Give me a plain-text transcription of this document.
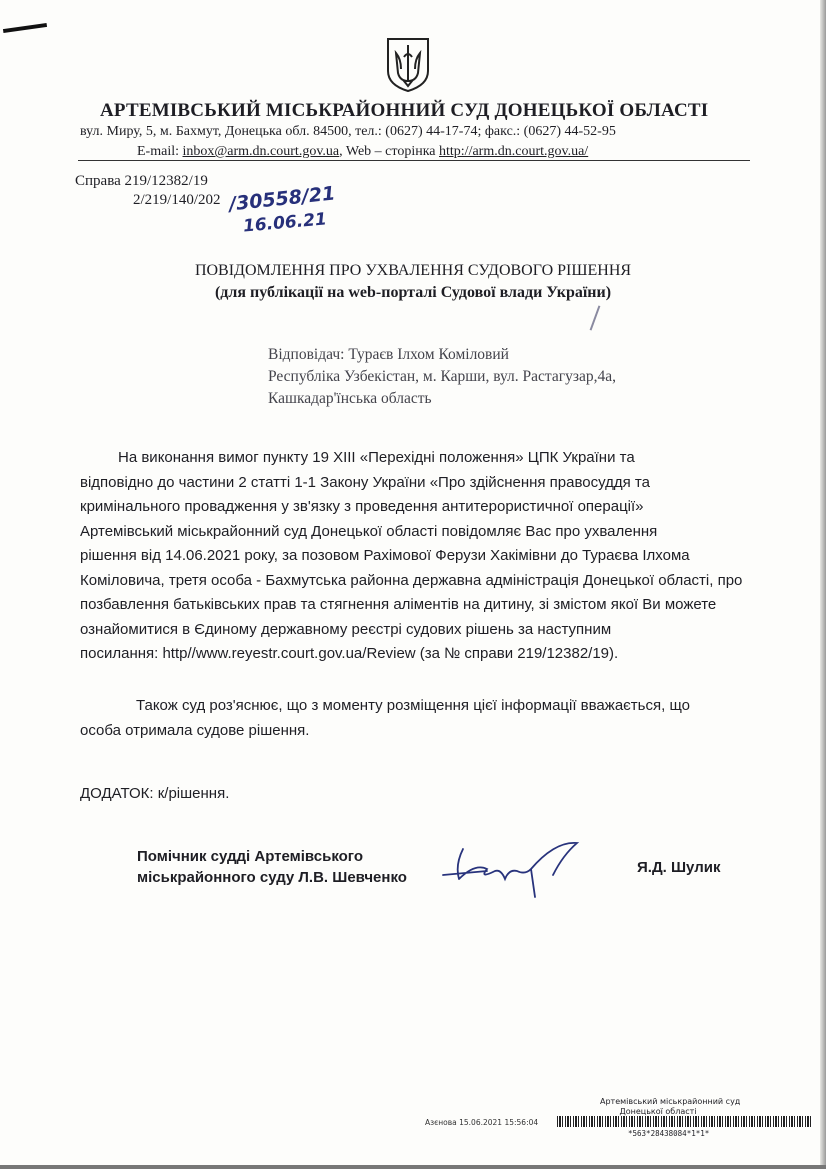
АРТЕМІВСЬКИЙ МІСЬКРАЙОННИЙ СУД ДОНЕЦЬКОЇ ОБЛАСТІ
вул. Миру, 5, м. Бахмут, Донецька обл. 84500, тел.: (0627) 44-17-74; факс.: (0627) 44-52-95
E-mail: inbox@arm.dn.court.gov.ua, Web – сторінка http://arm.dn.court.gov.ua/
Справа 219/12382/19
2/219/140/202 /30558/21
16.06.21
ПОВІДОМЛЕННЯ ПРО УХВАЛЕННЯ СУДОВОГО РІШЕННЯ
(для публікації на web-порталі Судової влади України)
Відповідач: Тураєв Ілхом Коміловий
Республіка Узбекістан, м. Карши, вул. Растагузар,4а,
Кашкадар'їнська область
На виконання вимог пункту 19 XIII «Перехідні положення» ЦПК України та
відповідно до частини 2 статті 1-1 Закону України «Про здійснення правосуддя та
кримінального провадження у зв'язку з проведення антитерористичної операції»
Артемівський міськрайонний суд Донецької області повідомляє Вас про ухвалення
рішення від 14.06.2021 року, за позовом Рахімової Ферузи Хакімівни до Тураєва Ілхома
Коміловича, третя особа - Бахмутська районна державна адміністрація Донецької області, про
позбавлення батьківських прав та стягнення аліментів на дитину, зі змістом якої Ви можете
ознайомитися в Єдиному державному реєстрі судових рішень за наступним
посилання: http//www.reyestr.court.gov.ua/Review (за № справи 219/12382/19).
Також суд роз'яснює, що з моменту розміщення цієї інформації вважається, що
особа отримала судове рішення.
ДОДАТОК: к/рішення.
Помічник судді Артемівського
міськрайонного суду Л.В. Шевченко
Я.Д. Шулик
Артемівський міськрайонний суд
Донецької області
Азєнова 15.06.2021 15:56:04
*563*28438084*1*1*
